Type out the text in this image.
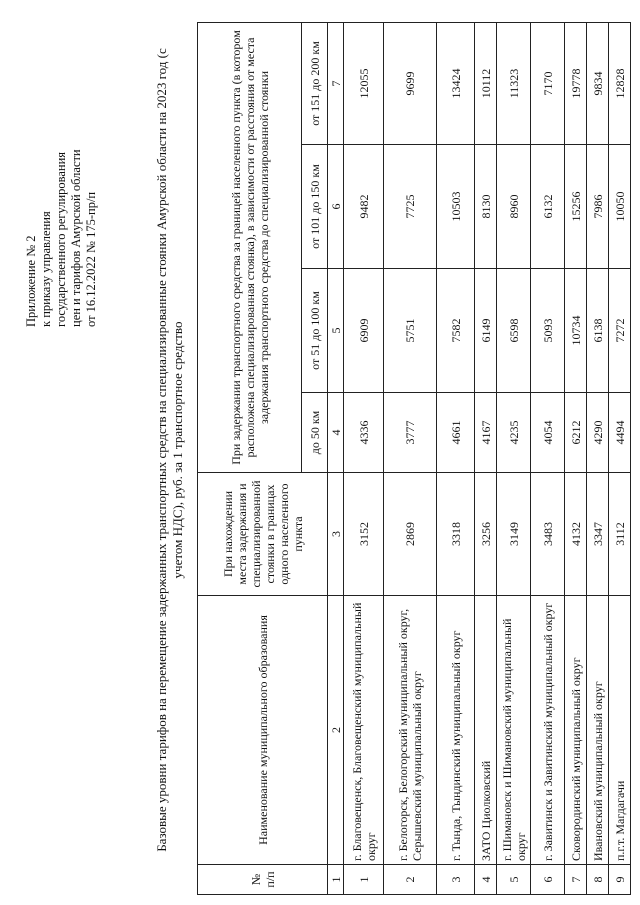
Приложение № 2 к приказу управления государственного регулирования цен и тарифов Амурской области от 16.12.2022 № 175-пр/п	Базовые уровни тарифов на перемещение задержанных транспортных средств на специализированные стоянки Амурской области на 2023 год (с учетом НДС), руб. за 1 транспортное средство
№ п/п	Наименование муниципального образования	При нахождении места задержания и специализированной стоянки в границах одного населенного пункта	При задержании транспортного средства за границей населенного пункта (в котором расположена специализированная стоянка), в зависимости от расстояния от места задержания транспортного средства до специализированной стоянки			
			до 50 км	от 51 до 100 км	от 101 до 150 км	от 151 до 200 км
1	2	3	4	5	6	7
1	г. Благовещенск, Благовещенский муниципальный округ	3152	4336	6909	9482	12055
2	г. Белогорск, Белогорский муниципальный округ, Серышевский муниципальный округ	2869	3777	5751	7725	9699
3	г. Тында, Тындинский муниципальный округ	3318	4661	7582	10503	13424
4	ЗАТО Циолковский	3256	4167	6149	8130	10112
5	г. Шимановск и Шимановский муниципальный округ	3149	4235	6598	8960	11323
6	г. Завитинск и Завитинский муниципальный округ	3483	4054	5093	6132	7170
7	Сковородинский муниципальный округ	4132	6212	10734	15256	19778
8	Ивановский муниципальный округ	3347	4290	6138	7986	9834
9	п.г.т. Магдагачи	3112	4494	7272	10050	12828
